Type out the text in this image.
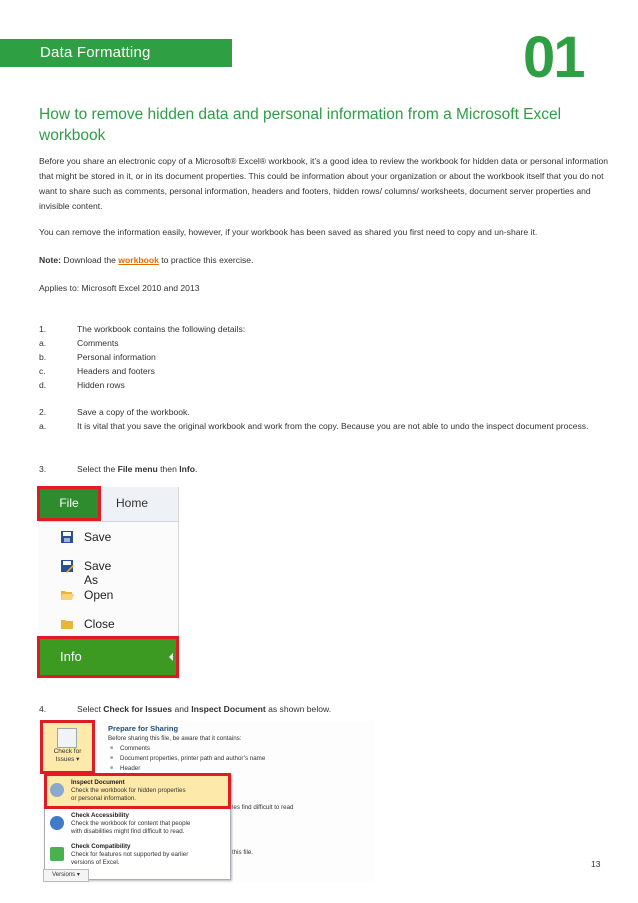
Data Formatting	01
How to remove hidden data and personal information from a Microsoft Excel workbook
Before you share an electronic copy of a Microsoft® Excel® workbook, it’s a good idea to review the workbook for hidden data or personal information that might be stored in it, or in its document properties. This could be information about your organization or about the workbook itself that you do not want to share such as comments, personal information, headers and footers, hidden rows/ columns/ worksheets, document server properties and invisible content.
You can remove the information easily, however, if your workbook has been saved as shared you first need to copy and un-share it.
Note: Download the workbook to practice this exercise.
Applies to: Microsoft Excel 2010 and 2013
1.	The workbook contains the following details:
a.	Comments
b.	Personal information
c.	Headers and footers
d.	Hidden rows
2.	Save a copy of the workbook.
a.	It is vital that you save the original workbook and work from the copy. Because you are not able to undo the inspect document process.
3.	Select the File menu then Info.
File	Home
Save
Save As
Open
Close
Info
4.	Select Check for Issues and Inspect Document as shown below.
Check for
Issues ▾
Prepare for Sharing
Before sharing this file, be aware that it contains:
■ Comments
■ Document properties, printer path and author’s name
■ Header
les find difficult to read
this file.
Inspect Document
Check the workbook for hidden properties
or personal information.
Check Accessibility
Check the workbook for content that people
with disabilities might find difficult to read.
Check Compatibility
Check for features not supported by earlier
versions of Excel.
Versions ▾
13
